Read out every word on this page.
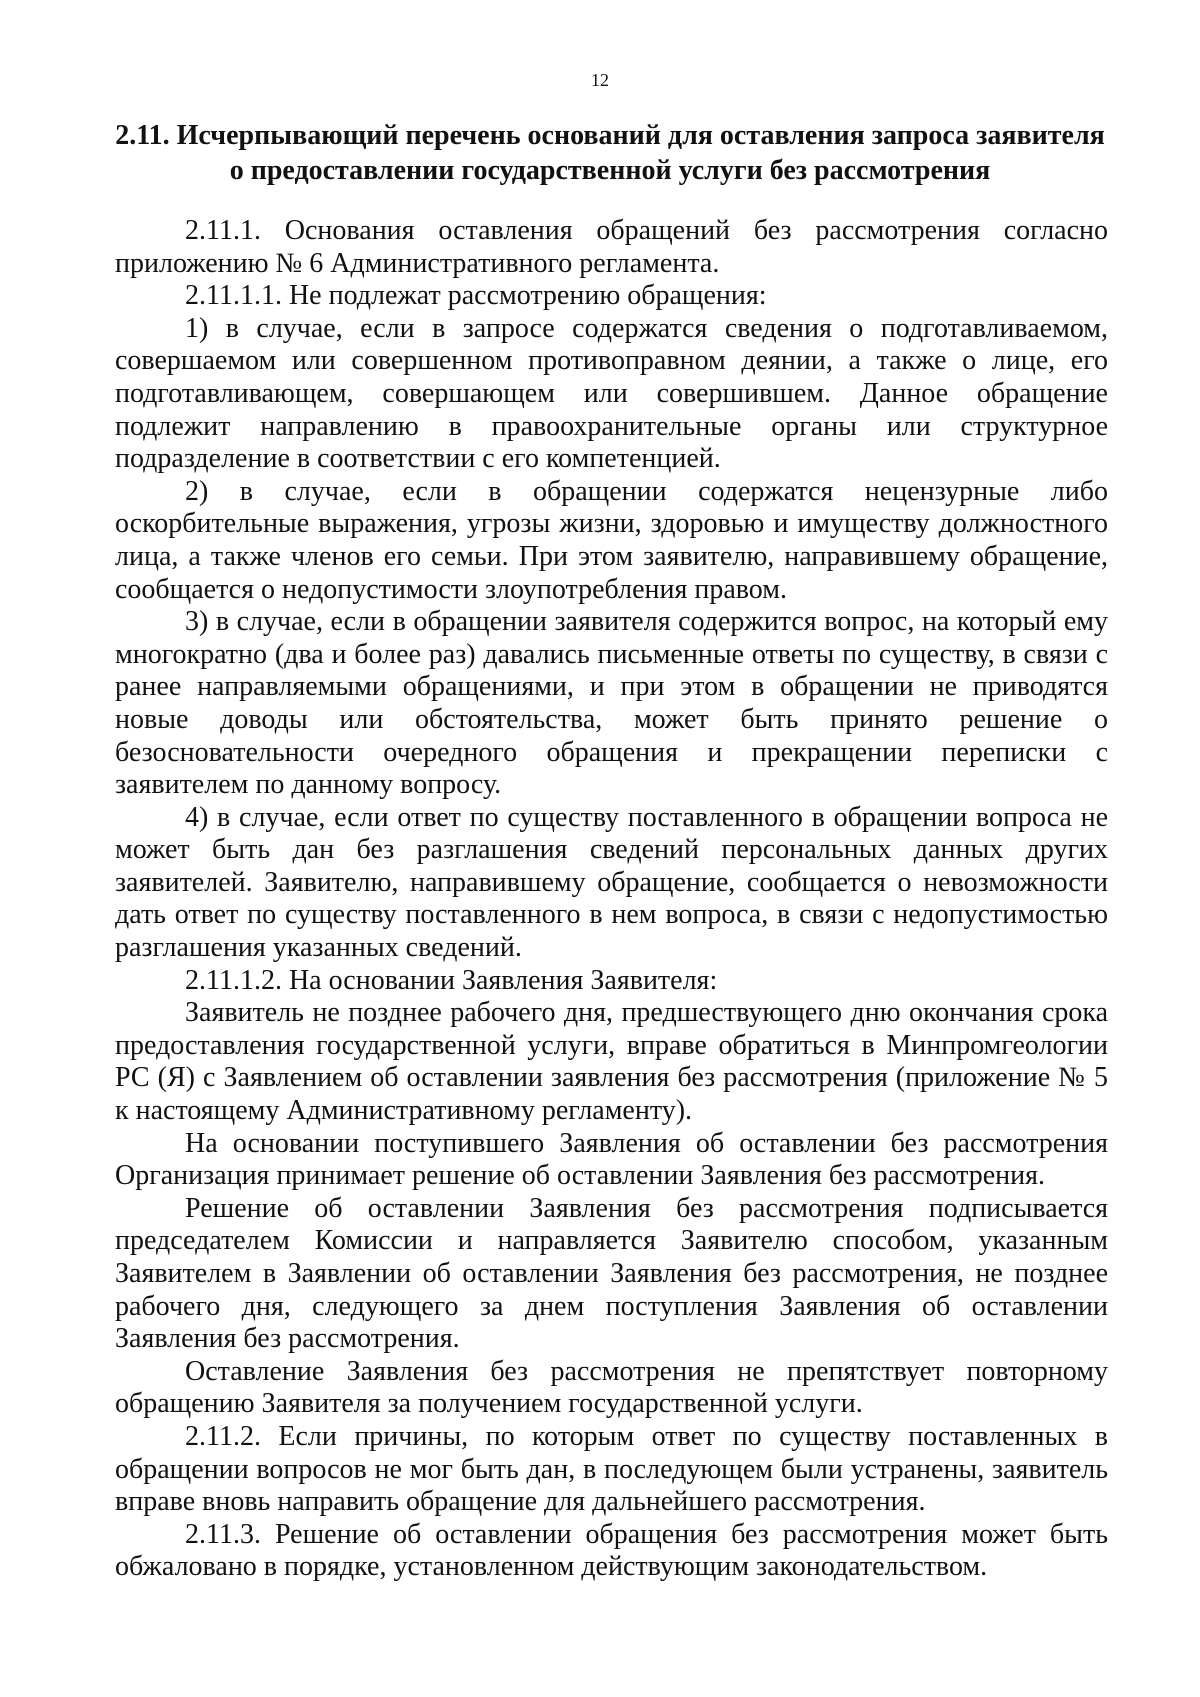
12
2.11. Исчерпывающий перечень оснований для оставления запроса заявителя о предоставлении государственной услуги без рассмотрения

2.11.1. Основания оставления обращений без рассмотрения согласно приложению № 6 Административного регламента.

2.11.1.1. Не подлежат рассмотрению обращения:

1) в случае, если в запросе содержатся сведения о подготавливаемом, совершаемом или совершенном противоправном деянии, а также о лице, его подготавливающем, совершающем или совершившем. Данное обращение подлежит направлению в правоохранительные органы или структурное подразделение в соответствии с его компетенцией.

2) в случае, если в обращении содержатся нецензурные либо оскорбительные выражения, угрозы жизни, здоровью и имуществу должностного лица, а также членов его семьи. При этом заявителю, направившему обращение, сообщается о недопустимости злоупотребления правом.

3) в случае, если в обращении заявителя содержится вопрос, на который ему многократно (два и более раз) давались письменные ответы по существу, в связи с ранее направляемыми обращениями, и при этом в обращении не приводятся новые доводы или обстоятельства, может быть принято решение о безосновательности очередного обращения и прекращении переписки с заявителем по данному вопросу.

4) в случае, если ответ по существу поставленного в обращении вопроса не может быть дан без разглашения сведений персональных данных других заявителей. Заявителю, направившему обращение, сообщается о невозможности дать ответ по существу поставленного в нем вопроса, в связи с недопустимостью разглашения указанных сведений.

2.11.1.2. На основании Заявления Заявителя:

Заявитель не позднее рабочего дня, предшествующего дню окончания срока предоставления государственной услуги, вправе обратиться в Минпромгеологии РС (Я) с Заявлением об оставлении заявления без рассмотрения (приложение № 5 к настоящему Административному регламенту).

На основании поступившего Заявления об оставлении без рассмотрения Организация принимает решение об оставлении Заявления без рассмотрения.

Решение об оставлении Заявления без рассмотрения подписывается председателем Комиссии и направляется Заявителю способом, указанным Заявителем в Заявлении об оставлении Заявления без рассмотрения, не позднее рабочего дня, следующего за днем поступления Заявления об оставлении Заявления без рассмотрения.

Оставление Заявления без рассмотрения не препятствует повторному обращению Заявителя за получением государственной услуги.

2.11.2. Если причины, по которым ответ по существу поставленных в обращении вопросов не мог быть дан, в последующем были устранены, заявитель вправе вновь направить обращение для дальнейшего рассмотрения.

2.11.3. Решение об оставлении обращения без рассмотрения может быть обжаловано в порядке, установленном действующим законодательством.
